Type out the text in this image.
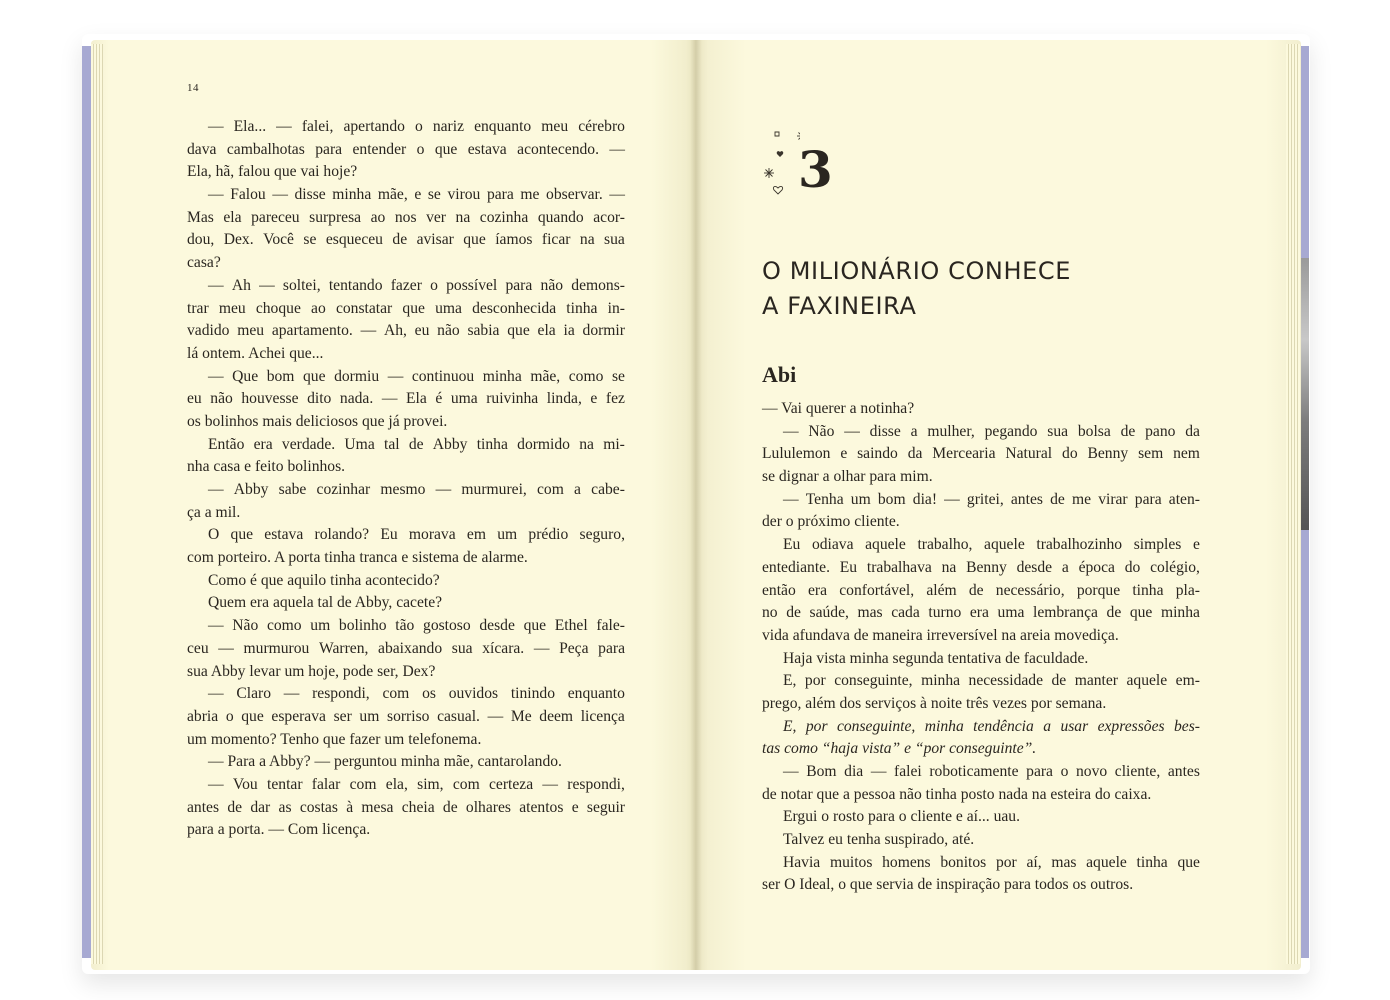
14
— Ela... — falei, apertando o nariz enquanto meu cérebro
dava cambalhotas para entender o que estava acontecendo. —
Ela, hã, falou que vai hoje?
— Falou — disse minha mãe, e se virou para me observar. —
Mas ela pareceu surpresa ao nos ver na cozinha quando acor-
dou, Dex. Você se esqueceu de avisar que íamos ficar na sua
casa?
— Ah — soltei, tentando fazer o possível para não demons-
trar meu choque ao constatar que uma desconhecida tinha in-
vadido meu apartamento. — Ah, eu não sabia que ela ia dormir
lá ontem. Achei que...
— Que bom que dormiu — continuou minha mãe, como se
eu não houvesse dito nada. — Ela é uma ruivinha linda, e fez
os bolinhos mais deliciosos que já provei.
Então era verdade. Uma tal de Abby tinha dormido na mi-
nha casa e feito bolinhos.
— Abby sabe cozinhar mesmo — murmurei, com a cabe-
ça a mil.
O que estava rolando? Eu morava em um prédio seguro,
com porteiro. A porta tinha tranca e sistema de alarme.
Como é que aquilo tinha acontecido?
Quem era aquela tal de Abby, cacete?
— Não como um bolinho tão gostoso desde que Ethel fale-
ceu — murmurou Warren, abaixando sua xícara. — Peça para
sua Abby levar um hoje, pode ser, Dex?
— Claro — respondi, com os ouvidos tinindo enquanto
abria o que esperava ser um sorriso casual. — Me deem licença
um momento? Tenho que fazer um telefonema.
— Para a Abby? — perguntou minha mãe, cantarolando.
— Vou tentar falar com ela, sim, com certeza — respondi,
antes de dar as costas à mesa cheia de olhares atentos e seguir
para a porta. — Com licença.
3
O MILIONÁRIO CONHECE
A FAXINEIRA
Abi
— Vai querer a notinha?
— Não — disse a mulher, pegando sua bolsa de pano da
Lululemon e saindo da Mercearia Natural do Benny sem nem
se dignar a olhar para mim.
— Tenha um bom dia! — gritei, antes de me virar para aten-
der o próximo cliente.
Eu odiava aquele trabalho, aquele trabalhozinho simples e
entediante. Eu trabalhava na Benny desde a época do colégio,
então era confortável, além de necessário, porque tinha pla-
no de saúde, mas cada turno era uma lembrança de que minha
vida afundava de maneira irreversível na areia movediça.
Haja vista minha segunda tentativa de faculdade.
E, por conseguinte, minha necessidade de manter aquele em-
prego, além dos serviços à noite três vezes por semana.
E, por conseguinte, minha tendência a usar expressões bes-
tas como “haja vista” e “por conseguinte”.
— Bom dia — falei roboticamente para o novo cliente, antes
de notar que a pessoa não tinha posto nada na esteira do caixa.
Ergui o rosto para o cliente e aí... uau.
Talvez eu tenha suspirado, até.
Havia muitos homens bonitos por aí, mas aquele tinha que
ser O Ideal, o que servia de inspiração para todos os outros.
